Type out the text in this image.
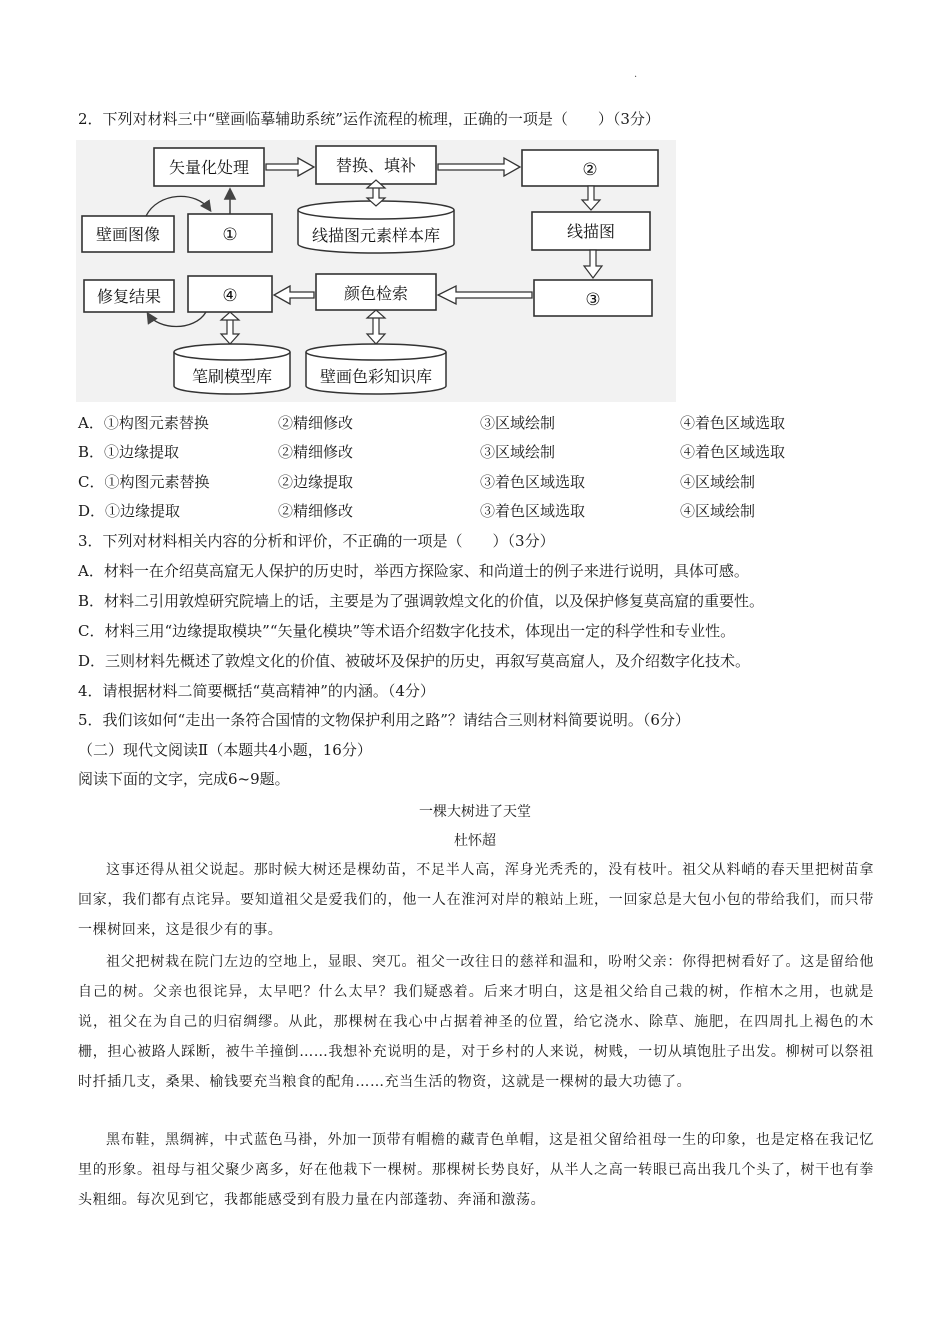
·
2．下列对材料三中“壁画临摹辅助系统”运作流程的梳理，正确的一项是（　　）（3分）
矢量化处理	替换、填补	②
壁画图像	①	线描图元素样本库	线描图
修复结果	④	颜色检索	③
笔刷模型库	壁画色彩知识库
A．①构图元素替换	②精细修改	③区域绘制	④着色区域选取
B．①边缘提取	②精细修改	③区域绘制	④着色区域选取
C．①构图元素替换	②边缘提取	③着色区域选取	④区域绘制
D．①边缘提取	②精细修改	③着色区域选取	④区域绘制
3．下列对材料相关内容的分析和评价，不正确的一项是（　　）（3分）
A．材料一在介绍莫高窟无人保护的历史时，举西方探险家、和尚道士的例子来进行说明，具体可感。
B．材料二引用敦煌研究院墙上的话，主要是为了强调敦煌文化的价值，以及保护修复莫高窟的重要性。
C．材料三用“边缘提取模块”“矢量化模块”等术语介绍数字化技术，体现出一定的科学性和专业性。
D．三则材料先概述了敦煌文化的价值、被破坏及保护的历史，再叙写莫高窟人，及介绍数字化技术。
4．请根据材料二简要概括“莫高精神”的内涵。（4分）
5．我们该如何“走出一条符合国情的文物保护利用之路”？请结合三则材料简要说明。（6分）
（二）现代文阅读Ⅱ（本题共4小题，16分）
阅读下面的文字，完成6~9题。
一棵大树进了天堂
杜怀超
这事还得从祖父说起。那时候大树还是棵幼苗，不足半人高，浑身光秃秃的，没有枝叶。祖父从料峭的春天里把树苗拿回家，我们都有点诧异。要知道祖父是爱我们的，他一人在淮河对岸的粮站上班，一回家总是大包小包的带给我们，而只带一棵树回来，这是很少有的事。
祖父把树栽在院门左边的空地上，显眼、突兀。祖父一改往日的慈祥和温和，吩咐父亲：你得把树看好了。这是留给他自己的树。父亲也很诧异，太早吧？什么太早？我们疑惑着。后来才明白，这是祖父给自己栽的树，作棺木之用，也就是说，祖父在为自己的归宿绸缪。从此，那棵树在我心中占据着神圣的位置，给它浇水、除草、施肥，在四周扎上褐色的木栅，担心被路人踩断，被牛羊撞倒……我想补充说明的是，对于乡村的人来说，树贱，一切从填饱肚子出发。柳树可以祭祖时扦插几支，桑果、榆钱要充当粮食的配角……充当生活的物资，这就是一棵树的最大功德了。
黑布鞋，黑绸裤，中式蓝色马褂，外加一顶带有帽檐的藏青色单帽，这是祖父留给祖母一生的印象，也是定格在我记忆里的形象。祖母与祖父聚少离多，好在他栽下一棵树。那棵树长势良好，从半人之高一转眼已高出我几个头了，树干也有拳头粗细。每次见到它，我都能感受到有股力量在内部蓬勃、奔涌和激荡。
